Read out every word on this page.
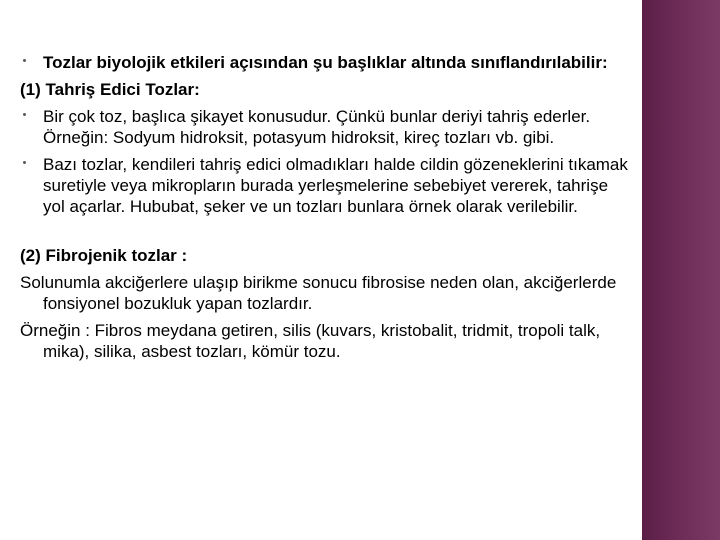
Tozlar biyolojik etkileri açısından şu başlıklar altında sınıflandırılabilir:
(1) Tahriş Edici Tozlar:
Bir çok toz, başlıca şikayet konusudur. Çünkü bunlar deriyi tahriş ederler. Örneğin: Sodyum hidroksit, potasyum hidroksit, kireç tozları vb. gibi.
Bazı tozlar, kendileri tahriş edici olmadıkları halde cildin gözeneklerini tıkamak suretiyle veya mikropların burada yerleşmelerine sebebiyet vererek, tahrişe yol açarlar. Hububat, şeker ve un tozları bunlara örnek olarak verilebilir.
(2) Fibrojenik tozlar :
Solunumla akciğerlere ulaşıp birikme sonucu fibrosise neden olan, akciğerlerde fonsiyonel bozukluk yapan tozlardır.
Örneğin : Fibros meydana getiren, silis (kuvars, kristobalit, tridmit, tropoli talk, mika), silika, asbest tozları, kömür tozu.
